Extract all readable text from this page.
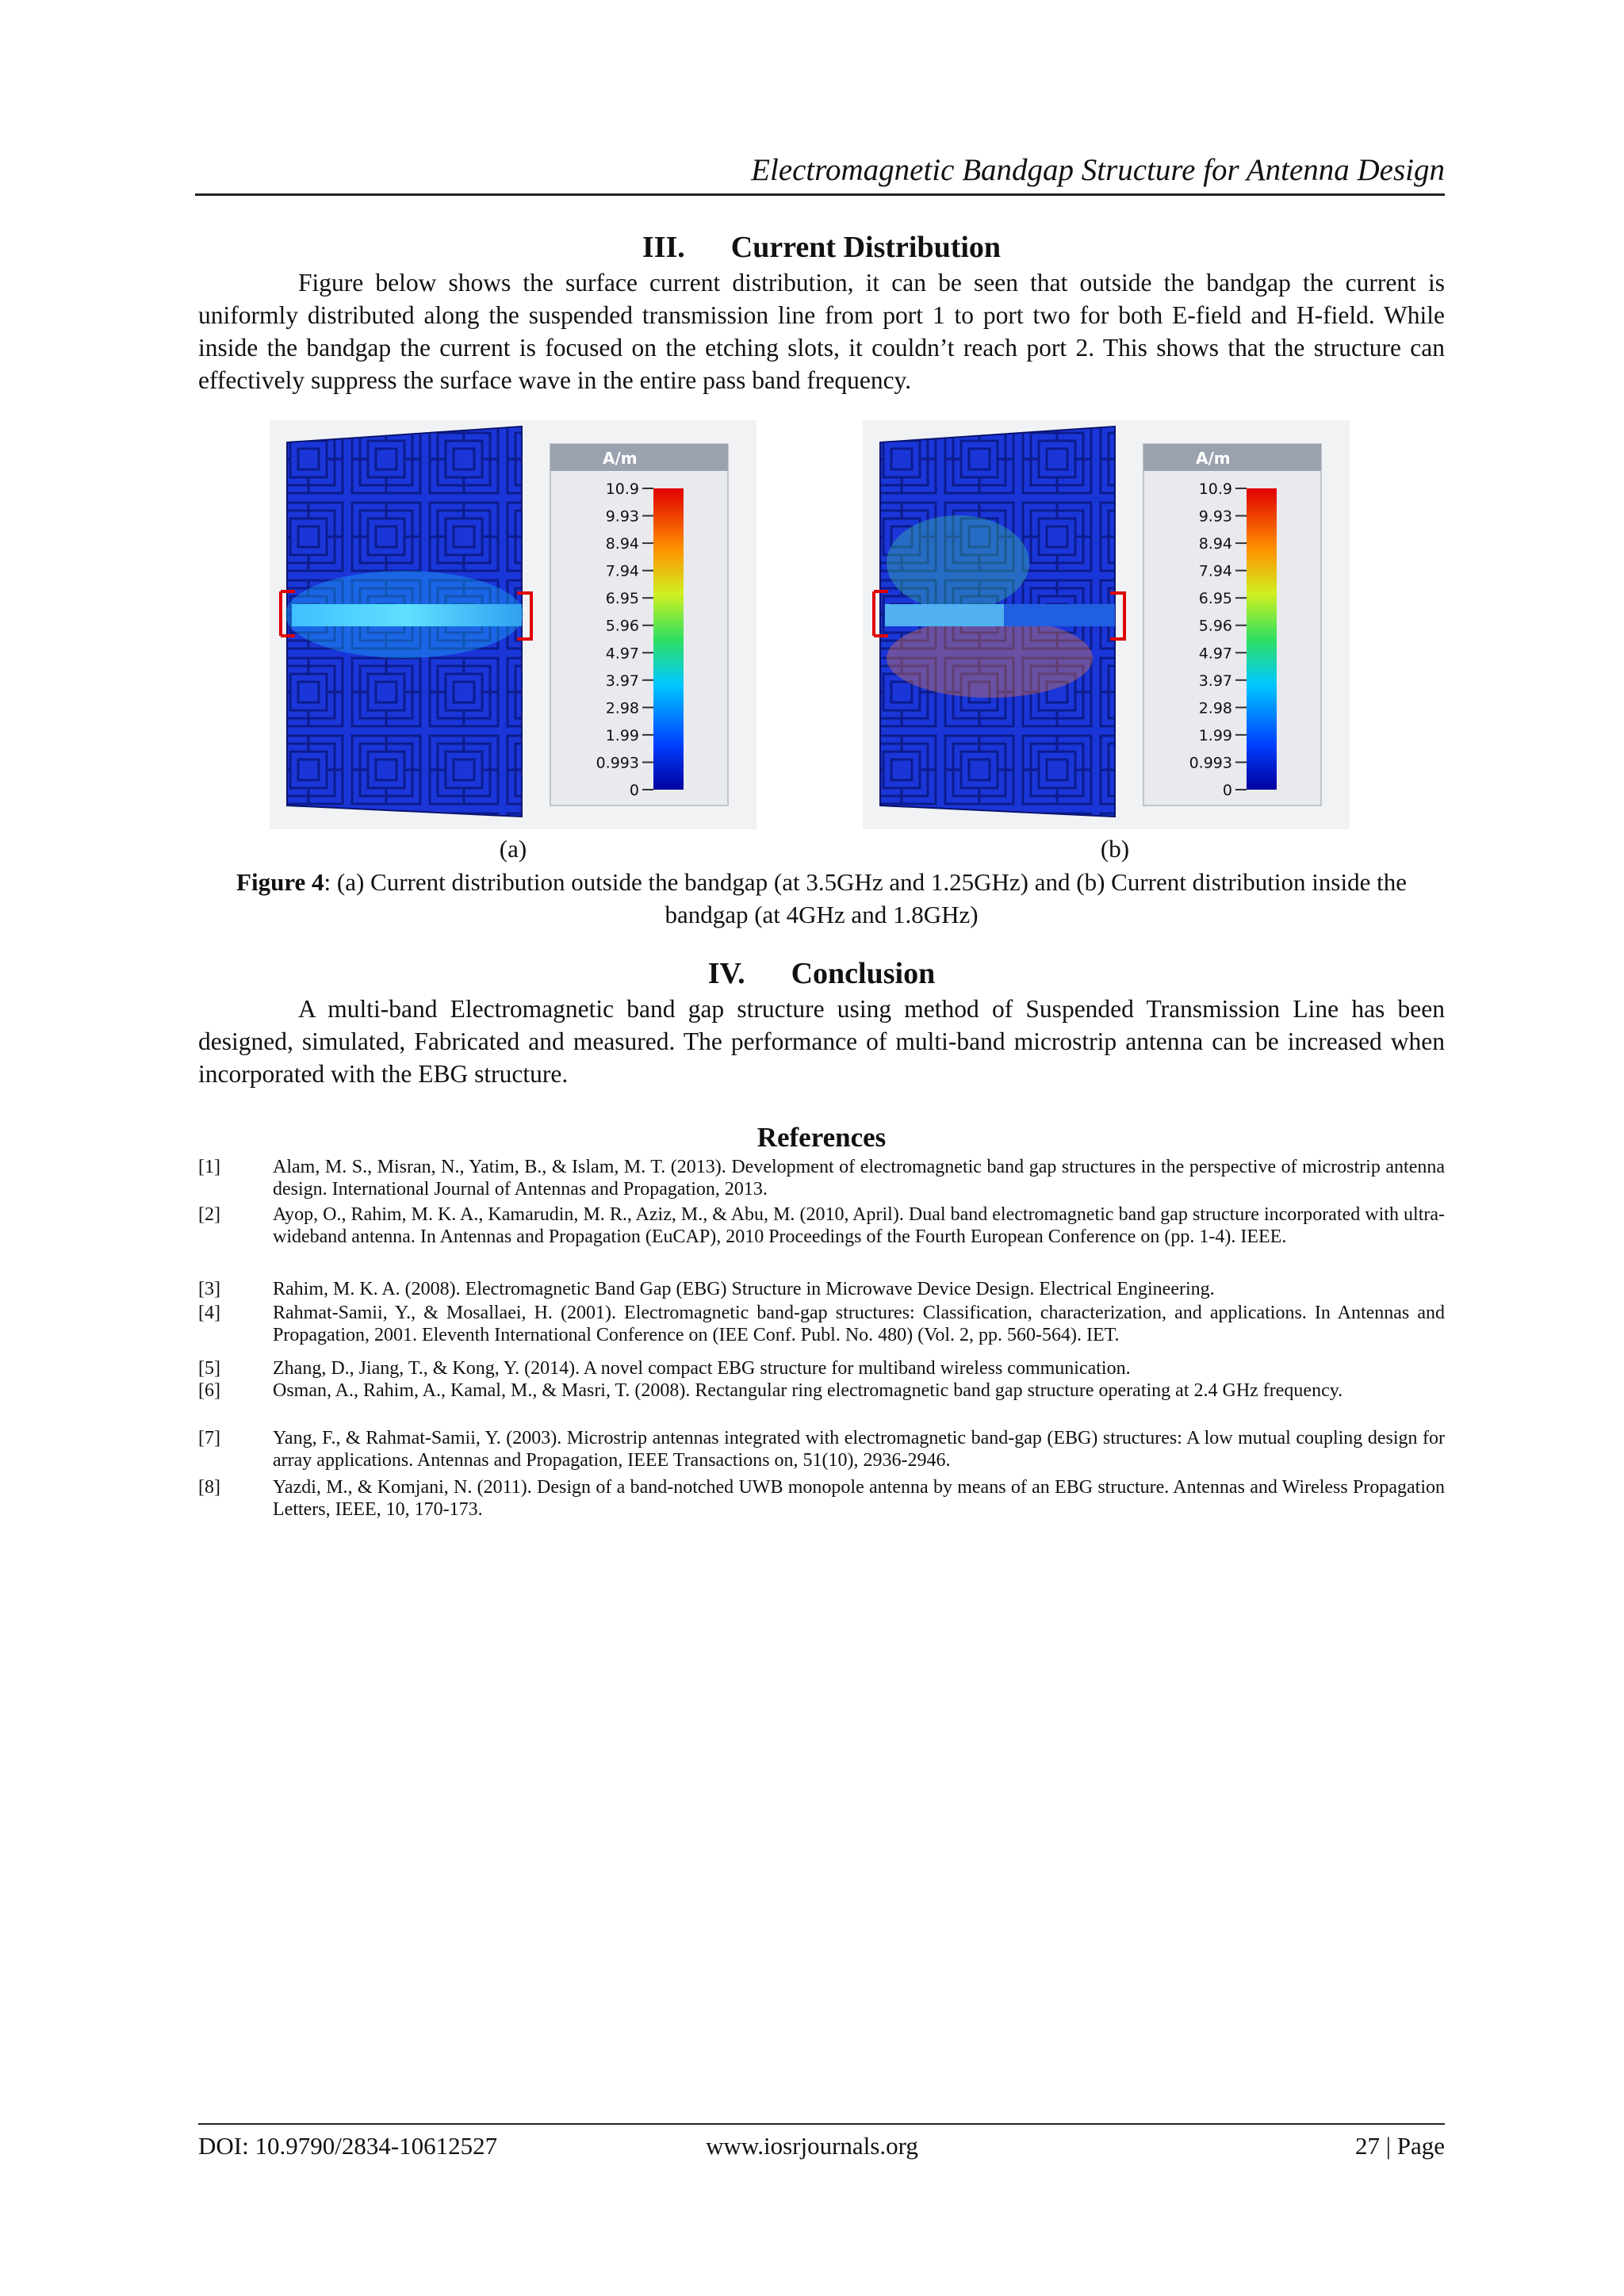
Electromagnetic Bandgap Structure for Antenna Design
III. Current Distribution
Figure below shows the surface current distribution, it can be seen that outside the bandgap the current is uniformly distributed along the suspended transmission line from port 1 to port two for both E-field and H-field. While inside the bandgap the current is focused on the etching slots, it couldn’t reach port 2. This shows that the structure can effectively suppress the surface wave in the entire pass band frequency.
10.9
9.93
8.94
7.94
6.95
5.96
4.97
3.97
2.98
1.99
0.993
0
A/m
10.9
9.93
8.94
7.94
6.95
5.96
4.97
3.97
2.98
1.99
0.993
0
A/m
(a)	(b)
Figure 4: (a) Current distribution outside the bandgap (at 3.5GHz and 1.25GHz) and (b) Current distribution inside the bandgap (at 4GHz and 1.8GHz)
IV. Conclusion
A multi-band Electromagnetic band gap structure using method of Suspended Transmission Line has been designed, simulated, Fabricated and measured. The performance of multi-band microstrip antenna can be increased when incorporated with the EBG structure.
References
[1]	Alam, M. S., Misran, N., Yatim, B., & Islam, M. T. (2013). Development of electromagnetic band gap structures in the perspective of microstrip antenna design. International Journal of Antennas and Propagation, 2013.
[2]	Ayop, O., Rahim, M. K. A., Kamarudin, M. R., Aziz, M., & Abu, M. (2010, April). Dual band electromagnetic band gap structure incorporated with ultra-wideband antenna. In Antennas and Propagation (EuCAP), 2010 Proceedings of the Fourth European Conference on (pp. 1-4). IEEE.
[3]	Rahim, M. K. A. (2008). Electromagnetic Band Gap (EBG) Structure in Microwave Device Design. Electrical Engineering.
[4]	Rahmat-Samii, Y., & Mosallaei, H. (2001). Electromagnetic band-gap structures: Classification, characterization, and applications. In Antennas and Propagation, 2001. Eleventh International Conference on (IEE Conf. Publ. No. 480) (Vol. 2, pp. 560-564). IET.
[5]	Zhang, D., Jiang, T., & Kong, Y. (2014). A novel compact EBG structure for multiband wireless communication.
[6]	Osman, A., Rahim, A., Kamal, M., & Masri, T. (2008). Rectangular ring electromagnetic band gap structure operating at 2.4 GHz frequency.
[7]	Yang, F., & Rahmat-Samii, Y. (2003). Microstrip antennas integrated with electromagnetic band-gap (EBG) structures: A low mutual coupling design for array applications. Antennas and Propagation, IEEE Transactions on, 51(10), 2936-2946.
[8]	Yazdi, M., & Komjani, N. (2011). Design of a band-notched UWB monopole antenna by means of an EBG structure. Antennas and Wireless Propagation Letters, IEEE, 10, 170-173.
DOI: 10.9790/2834-10612527	www.iosrjournals.org	27 | Page
